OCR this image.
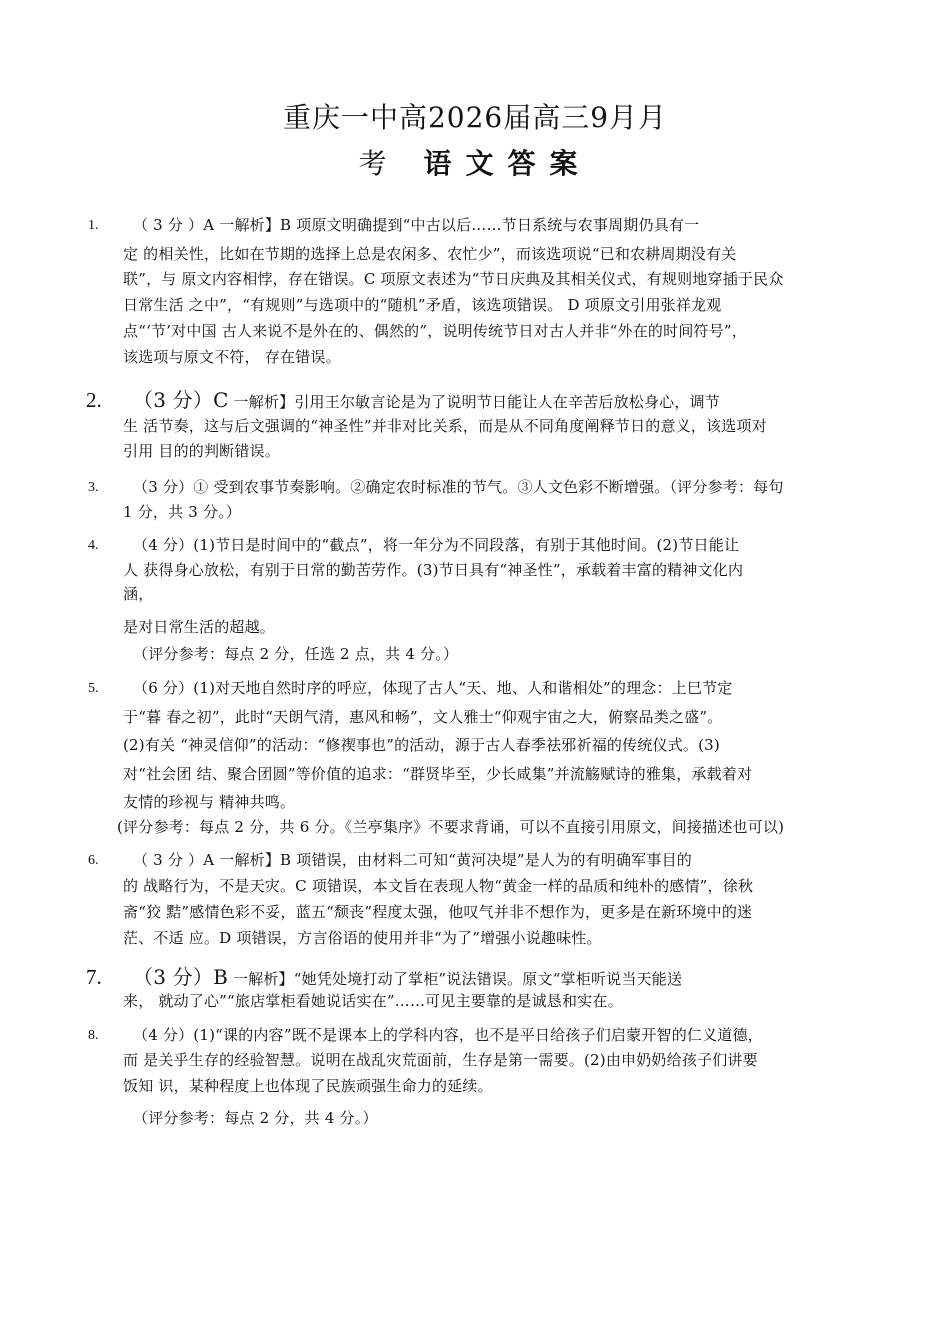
重庆一中高2026届高三9月月
考 语文答案
1. （ 3 分 ）A 一解析】B 项原文明确提到“中古以后……节日系统与农事周期仍具有一
定 的相关性，比如在节期的选择上总是农闲多、农忙少”，而该选项说“已和农耕周期没有关
联”，与 原文内容相悖，存在错误。C 项原文表述为“节日庆典及其相关仪式，有规则地穿插于民众
日常生活 之中”，“有规则”与选项中的“随机”矛盾，该选项错误。 D 项原文引用张祥龙观
点“‘节’对中国 古人来说不是外在的、偶然的”，说明传统节日对古人并非“外在的时间符号”，
该选项与原文不符， 存在错误。
2. （3 分）C 一解析】引用王尔敏言论是为了说明节日能让人在辛苦后放松身心，调节
生 活节奏，这与后文强调的“神圣性”并非对比关系，而是从不同角度阐释节日的意义，该选项对
引用 目的的判断错误。
3. （3 分）① 受到农事节奏影响。②确定农时标准的节气。③人文色彩不断增强。（评分参考：每句
1 分，共 3 分。）
4. （4 分）(1)节日是时间中的“截点”，将一年分为不同段落，有别于其他时间。(2)节日能让
人 获得身心放松，有别于日常的勤苦劳作。(3)节日具有“神圣性”，承载着丰富的精神文化内
涵，
是对日常生活的超越。
（评分参考：每点 2 分，任选 2 点，共 4 分。）
5. （6 分）(1)对天地自然时序的呼应，体现了古人“天、地、人和谐相处”的理念：上巳节定
于“暮 春之初”，此时“天朗气清，惠风和畅”，文人雅士“仰观宇宙之大，俯察品类之盛”。
(2)有关 “神灵信仰”的活动：“修禊事也”的活动，源于古人春季祛邪祈福的传统仪式。(3)
对“社会团 结、聚合团圆”等价值的追求：“群贤毕至，少长咸集”并流觞赋诗的雅集，承载着对
友情的珍视与 精神共鸣。
(评分参考：每点 2 分，共 6 分。《兰亭集序》不要求背诵，可以不直接引用原文，间接描述也可以)
6. （ 3 分 ）A 一解析】B 项错误，由材料二可知“黄河决堤”是人为的有明确军事目的
的 战略行为，不是天灾。C 项错误，本文旨在表现人物“黄金一样的品质和纯朴的感情”，徐秋
斋“狡 黠”感情色彩不妥，蓝五“颓丧”程度太强，他叹气并非不想作为，更多是在新环境中的迷
茫、不适 应。D 项错误，方言俗语的使用并非“为了”增强小说趣味性。
7. （3 分）B 一解析】“她凭处境打动了掌柜”说法错误。原文“掌柜听说当天能送
来， 就动了心”“旅店掌柜看她说话实在”……可见主要靠的是诚恳和实在。
8. （4 分）(1)“课的内容”既不是课本上的学科内容，也不是平日给孩子们启蒙开智的仁义道德，
而 是关乎生存的经验智慧。说明在战乱灾荒面前，生存是第一需要。(2)由申奶奶给孩子们讲要
饭知 识，某种程度上也体现了民族顽强生命力的延续。
（评分参考：每点 2 分，共 4 分。）
